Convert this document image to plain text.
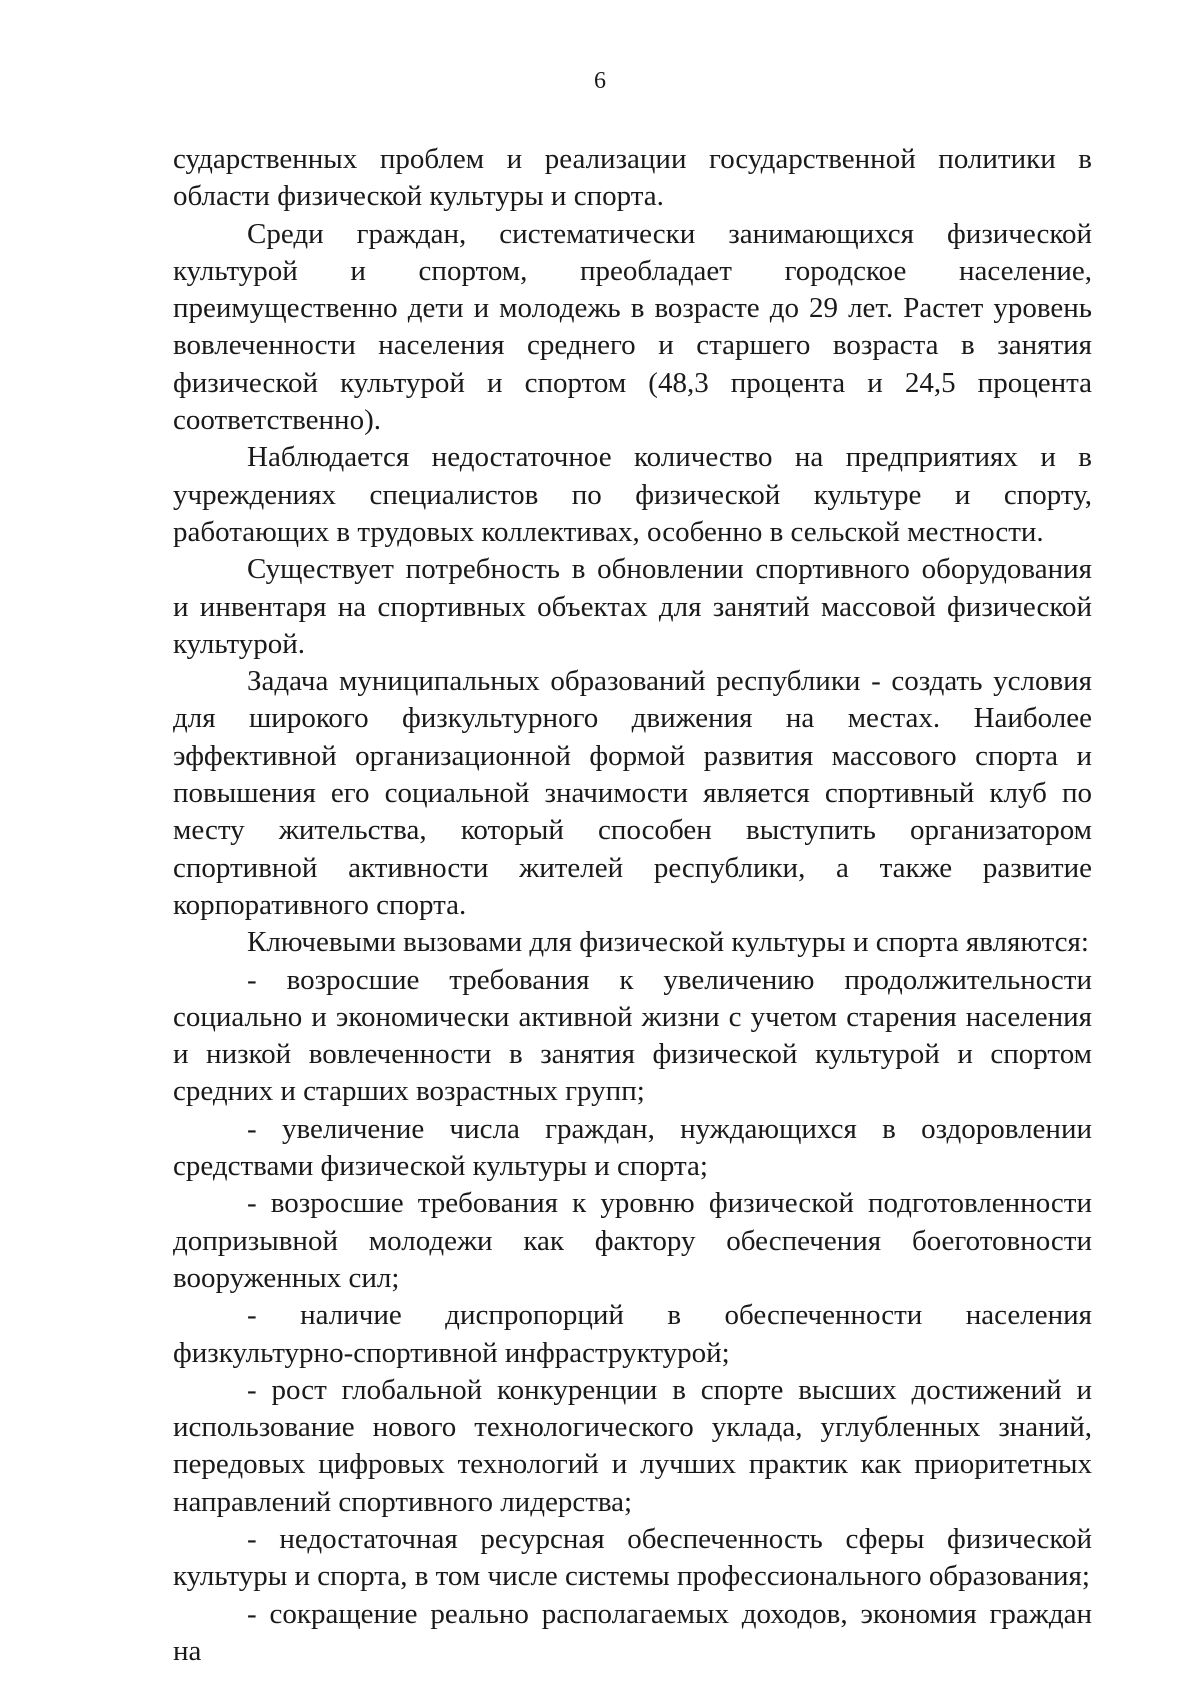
6

сударственных проблем и реализации государственной политики в области физической культуры и спорта.

Среди граждан, систематически занимающихся физической культурой и спортом, преобладает городское население, преимущественно дети и молодежь в возрасте до 29 лет. Растет уровень вовлеченности населения среднего и старшего возраста в занятия физической культурой и спортом (48,3 процента и 24,5 процента соответственно).

Наблюдается недостаточное количество на предприятиях и в учреждениях специалистов по физической культуре и спорту, работающих в трудовых коллективах, особенно в сельской местности.

Существует потребность в обновлении спортивного оборудования и инвентаря на спортивных объектах для занятий массовой физической культурой.

Задача муниципальных образований республики - создать условия для широкого физкультурного движения на местах. Наиболее эффективной организационной формой развития массового спорта и повышения его социальной значимости является спортивный клуб по месту жительства, который способен выступить организатором спортивной активности жителей республики, а также развитие корпоративного спорта.

Ключевыми вызовами для физической культуры и спорта являются:

- возросшие требования к увеличению продолжительности социально и экономически активной жизни с учетом старения населения и низкой вовлеченности в занятия физической культурой и спортом средних и старших возрастных групп;

- увеличение числа граждан, нуждающихся в оздоровлении средствами физической культуры и спорта;

- возросшие требования к уровню физической подготовленности допризывной молодежи как фактору обеспечения боеготовности вооруженных сил;

- наличие диспропорций в обеспеченности населения физкультурно-спортивной инфраструктурой;

- рост глобальной конкуренции в спорте высших достижений и использование нового технологического уклада, углубленных знаний, передовых цифровых технологий и лучших практик как приоритетных направлений спортивного лидерства;

- недостаточная ресурсная обеспеченность сферы физической культуры и спорта, в том числе системы профессионального образования;

- сокращение реально располагаемых доходов, экономия граждан на
